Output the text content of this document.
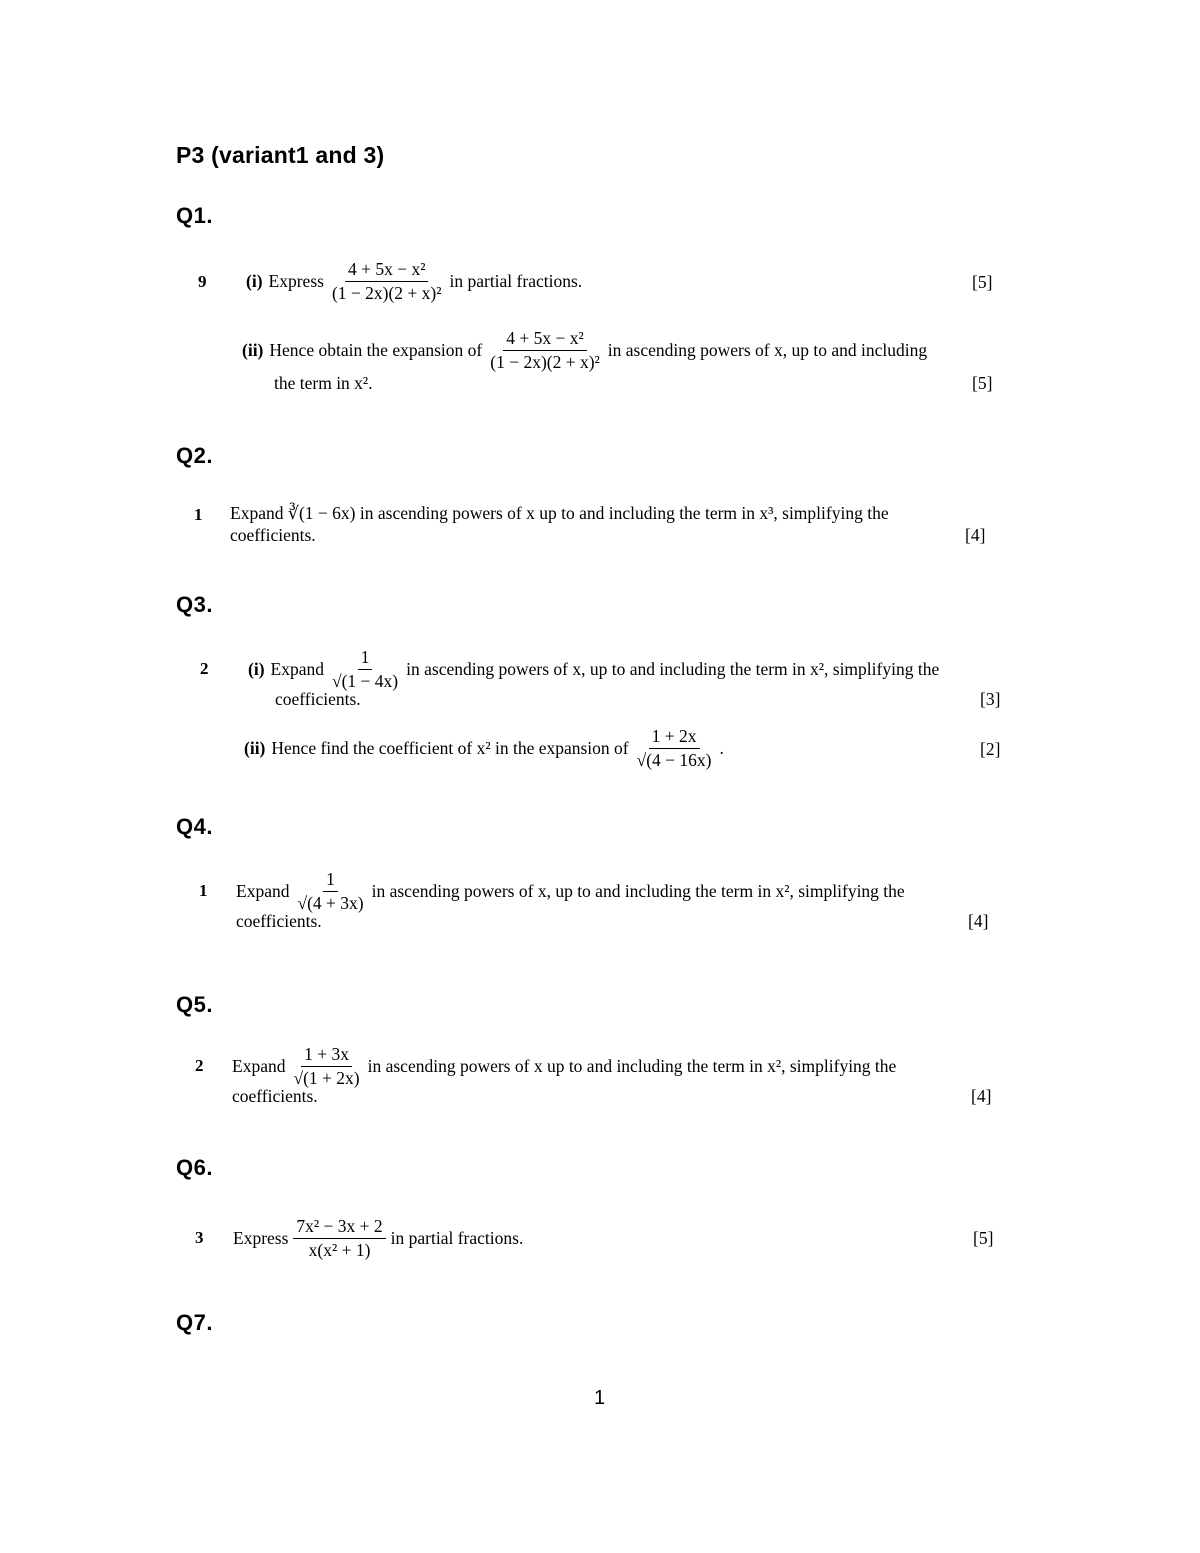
P3 (variant1 and 3)
Q1.
9 (i) Express $\frac{\text{4 + 5x − x²}}{\text{(1 − 2x)(2 + x)²}}$ in partial fractions.	[5]
(ii) Hence obtain the expansion of $\frac{\text{4 + 5x − x²}}{\text{(1 − 2x)(2 + x)²}}$ in ascending powers of x, up to and including
the term in x².	[5]
Q2.
1 Expand ∛(1 − 6x) in ascending powers of x up to and including the term in x³, simplifying the
coefficients.	[4]
Q3.
2 (i) Expand $\frac{1}{√(1 - 4x)}$ in ascending powers of x, up to and including the term in x², simplifying the
coefficients.	[3]
(ii) Hence find the coefficient of x² in the expansion of $\frac{1 + 2x}{√(4 - 16x)}$ .	[2]
Q4.
1 Expand $\frac{1}{√(4 + 3x)}$ in ascending powers of x, up to and including the term in x², simplifying the
coefficients.	[4]
Q5.
2 Expand $\frac{1 + 3x}{√(1 + 2x)}$ in ascending powers of x up to and including the term in x², simplifying the
coefficients.	[4]
Q6.
3 Express $\frac{\text{7x² − 3x + 2}}{\text{x(x² + 1)}}$ in partial fractions.	[5]
Q7.
1
